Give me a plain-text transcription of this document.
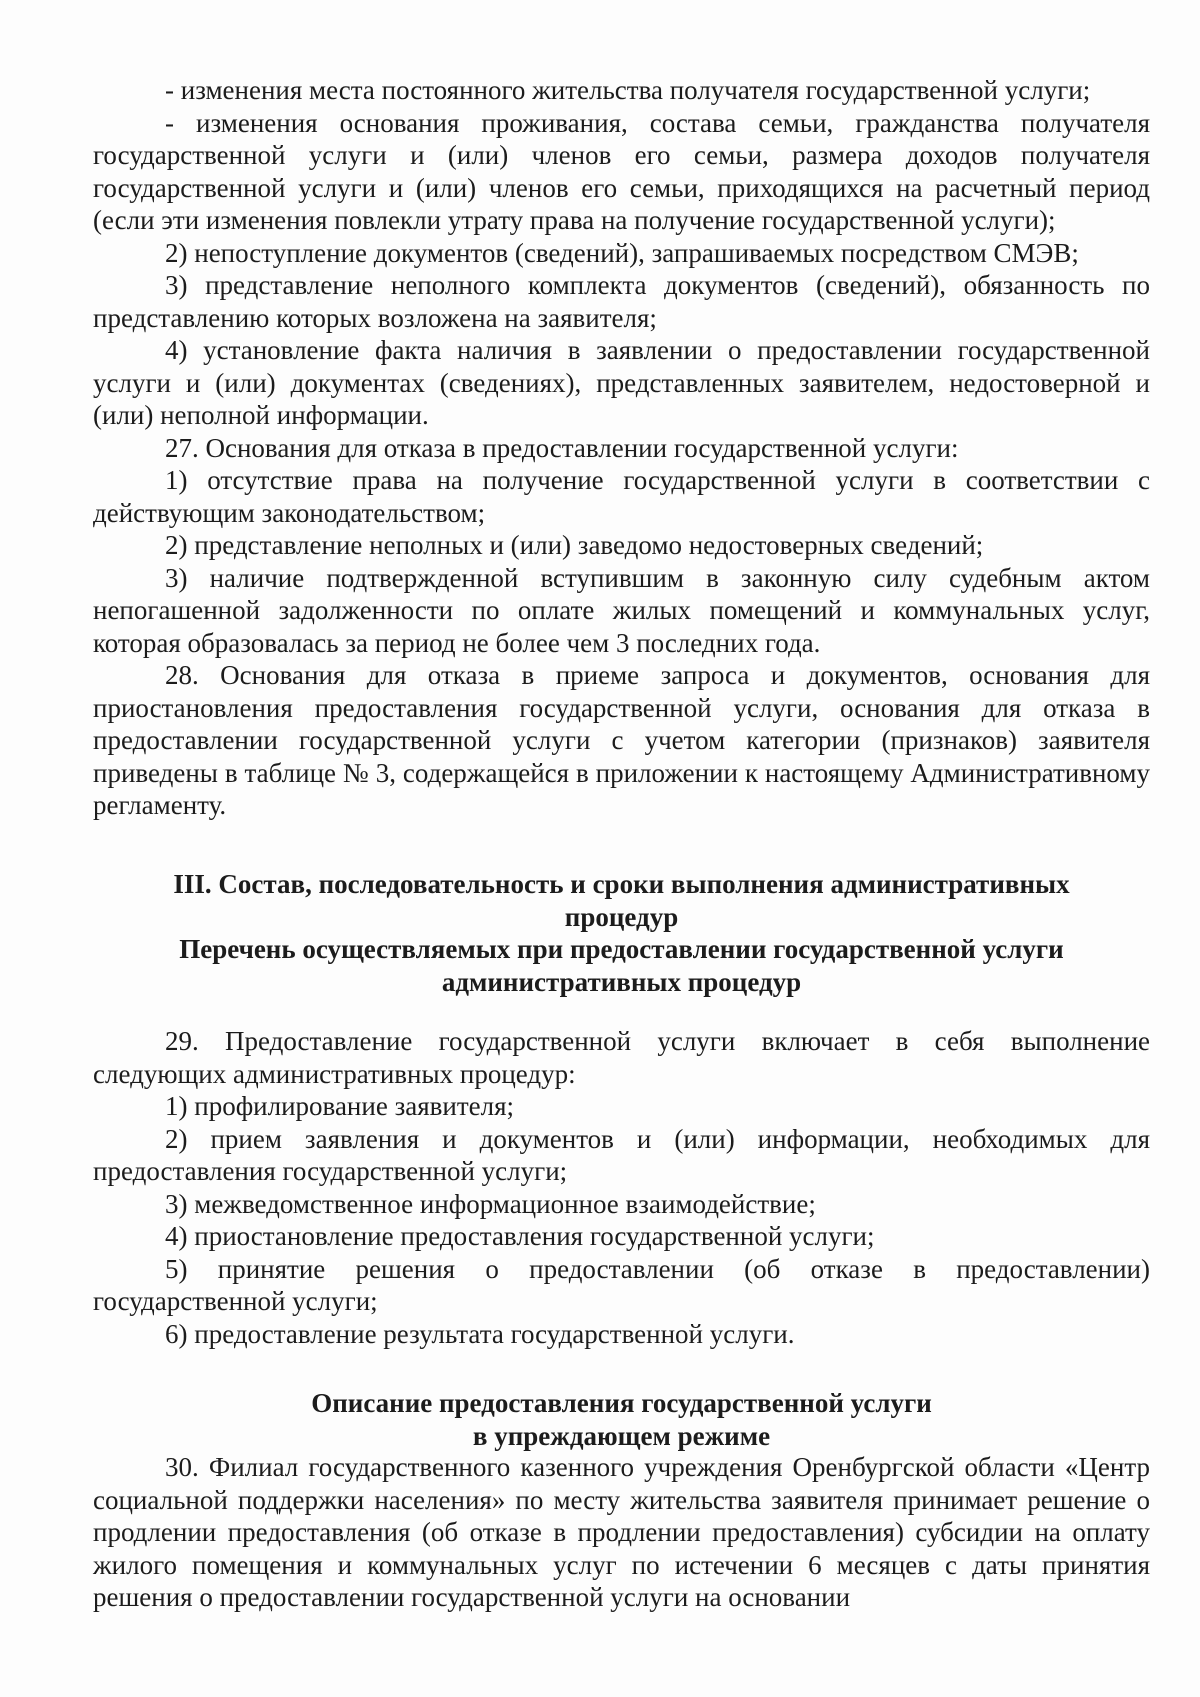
- изменения места постоянного жительства получателя государственной услуги;

- изменения основания проживания, состава семьи, гражданства получателя государственной услуги и (или) членов его семьи, размера доходов получателя государственной услуги и (или) членов его семьи, приходящихся на расчетный период (если эти изменения повлекли утрату права на получение государственной услуги);

2) непоступление документов (сведений), запрашиваемых посредством СМЭВ;

3) представление неполного комплекта документов (сведений), обязанность по представлению которых возложена на заявителя;

4) установление факта наличия в заявлении о предоставлении государственной услуги и (или) документах (сведениях), представленных заявителем, недостоверной и (или) неполной информации.

27. Основания для отказа в предоставлении государственной услуги:

1) отсутствие права на получение государственной услуги в соответствии с действующим законодательством;

2) представление неполных и (или) заведомо недостоверных сведений;

3) наличие подтвержденной вступившим в законную силу судебным актом непогашенной задолженности по оплате жилых помещений и коммунальных услуг, которая образовалась за период не более чем 3 последних года.

28. Основания для отказа в приеме запроса и документов, основания для приостановления предоставления государственной услуги, основания для отказа в предоставлении государственной услуги с учетом категории (признаков) заявителя приведены в таблице № 3, содержащейся в приложении к настоящему Административному регламенту.

III. Состав, последовательность и сроки выполнения административных

процедур

Перечень осуществляемых при предоставлении государственной услуги

административных процедур

29. Предоставление государственной услуги включает в себя выполнение следующих административных процедур:

1) профилирование заявителя;

2) прием заявления и документов и (или) информации, необходимых для предоставления государственной услуги;

3) межведомственное информационное взаимодействие;

4) приостановление предоставления государственной услуги;

5) принятие решения о предоставлении (об отказе в предоставлении) государственной услуги;

6) предоставление результата государственной услуги.

Описание предоставления государственной услуги

в упреждающем режиме

30. Филиал государственного казенного учреждения Оренбургской области «Центр социальной поддержки населения» по месту жительства заявителя принимает решение о продлении предоставления (об отказе в продлении предоставления) субсидии на оплату жилого помещения и коммунальных услуг по истечении 6 месяцев с даты принятия решения о предоставлении государственной услуги на основании
